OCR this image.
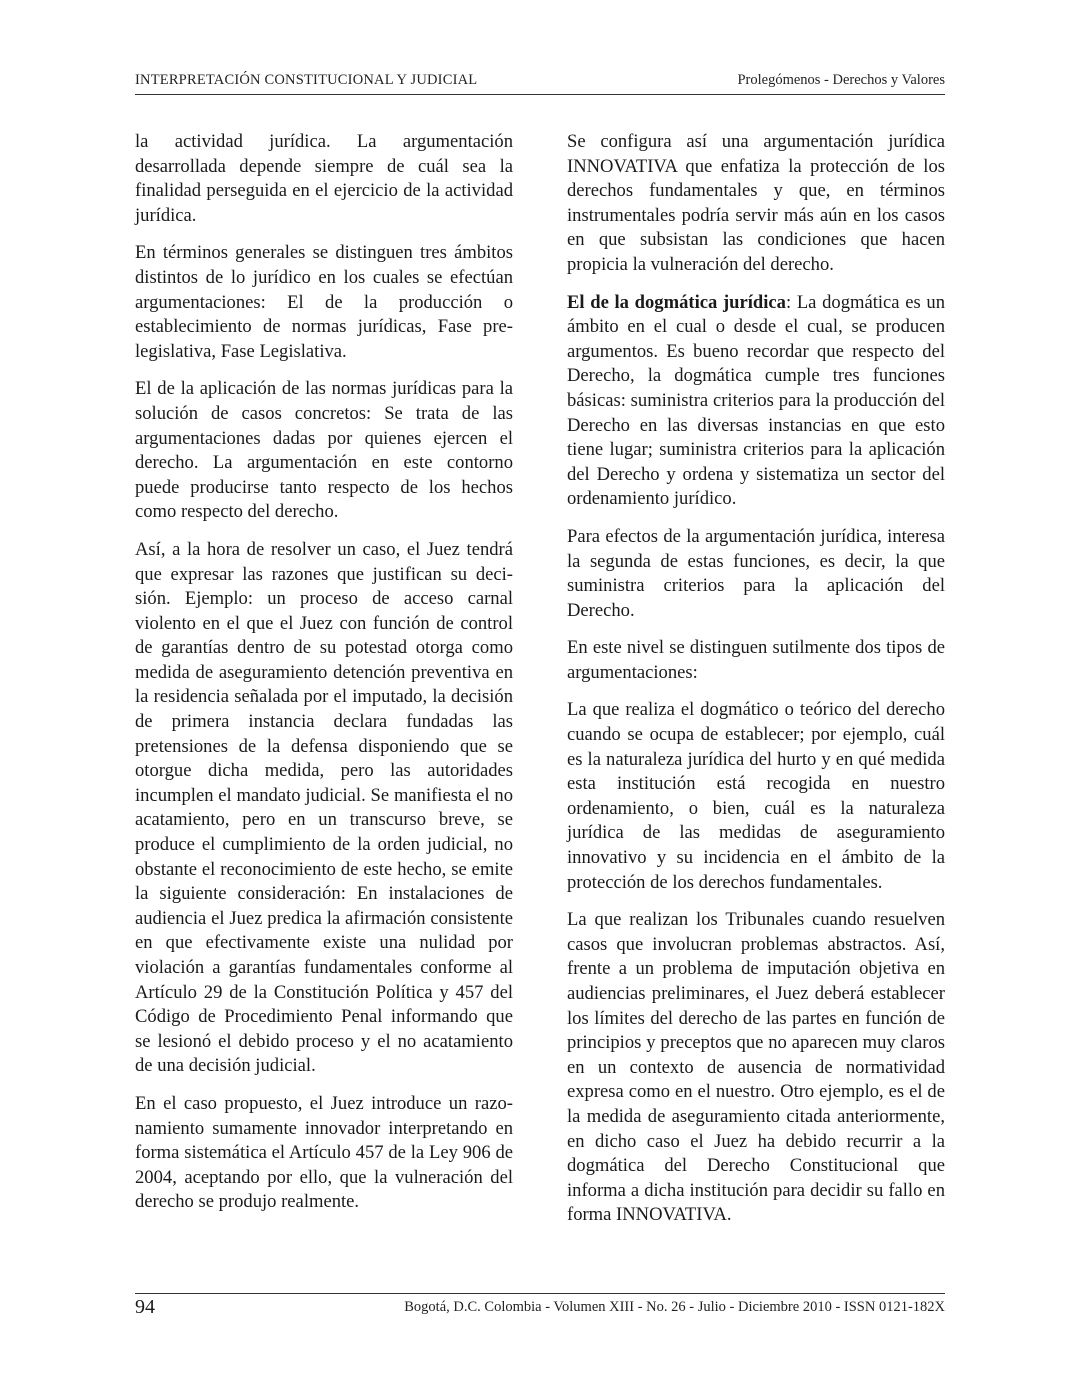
INTERPRETACIÓN CONSTITUCIONAL Y JUDICIAL	Prolegómenos - Derechos y Valores

la actividad jurídica. La argumentación desarrollada depende siempre de cuál sea la finalidad perseguida en el ejercicio de la actividad jurídica.

En términos generales se distinguen tres ámbitos distintos de lo jurídico en los cuales se efectúan argumentaciones: El de la producción o establecimiento de normas jurídicas, Fase pre-legislativa, Fase Legislativa.

El de la aplicación de las normas jurídicas para la solución de casos concretos: Se trata de las argumentaciones dadas por quienes ejercen el derecho. La argumentación en este contorno puede producirse tanto respecto de los hechos como respecto del derecho.

Así, a la hora de resolver un caso, el Juez tendrá que expresar las razones que justifican su decisión. Ejemplo: un proceso de acceso carnal violento en el que el Juez con función de control de garantías dentro de su potestad otorga como medida de aseguramiento detención preventiva en la residencia señalada por el imputado, la decisión de primera instancia declara fundadas las pretensiones de la defensa disponiendo que se otorgue dicha medida, pero las autoridades incumplen el mandato judicial. Se manifiesta el no acatamiento, pero en un transcurso breve, se produce el cumplimiento de la orden judicial, no obstante el reconocimiento de este hecho, se emite la siguiente consideración: En instalaciones de audiencia el Juez predica la afirmación consistente en que efectivamente existe una nulidad por violación a garantías fundamentales conforme al Artículo 29 de la Constitución Política y 457 del Código de Procedimiento Penal informando que se lesionó el debido proceso y el no acatamiento de una decisión judicial.

En el caso propuesto, el Juez introduce un razonamiento sumamente innovador interpretando en forma sistemática el Artículo 457 de la Ley 906 de 2004, aceptando por ello, que la vulneración del derecho se produjo realmente.

Se configura así una argumentación jurídica INNOVATIVA que enfatiza la protección de los derechos fundamentales y que, en términos instrumentales podría servir más aún en los casos en que subsistan las condiciones que hacen propicia la vulneración del derecho.

El de la dogmática jurídica: La dogmática es un ámbito en el cual o desde el cual, se producen argumentos. Es bueno recordar que respecto del Derecho, la dogmática cumple tres funciones básicas: suministra criterios para la producción del Derecho en las diversas instancias en que esto tiene lugar; suministra criterios para la aplicación del Derecho y ordena y sistematiza un sector del ordenamiento jurídico.

Para efectos de la argumentación jurídica, interesa la segunda de estas funciones, es decir, la que suministra criterios para la aplicación del Derecho.

En este nivel se distinguen sutilmente dos tipos de argumentaciones:

La que realiza el dogmático o teórico del derecho cuando se ocupa de establecer; por ejemplo, cuál es la naturaleza jurídica del hurto y en qué medida esta institución está recogida en nuestro ordenamiento, o bien, cuál es la naturaleza jurídica de las medidas de aseguramiento innovativo y su incidencia en el ámbito de la protección de los derechos fundamentales.

La que realizan los Tribunales cuando resuelven casos que involucran problemas abstractos. Así, frente a un problema de imputación objetiva en audiencias preliminares, el Juez deberá establecer los límites del derecho de las partes en función de principios y preceptos que no aparecen muy claros en un contexto de ausencia de normatividad expresa como en el nuestro. Otro ejemplo, es el de la medida de aseguramiento citada anteriormente, en dicho caso el Juez ha debido recurrir a la dogmática del Derecho Constitucional que informa a dicha institución para decidir su fallo en forma INNOVATIVA.

94	Bogotá, D.C. Colombia - Volumen XIII - No. 26 - Julio - Diciembre 2010 - ISSN 0121-182X
